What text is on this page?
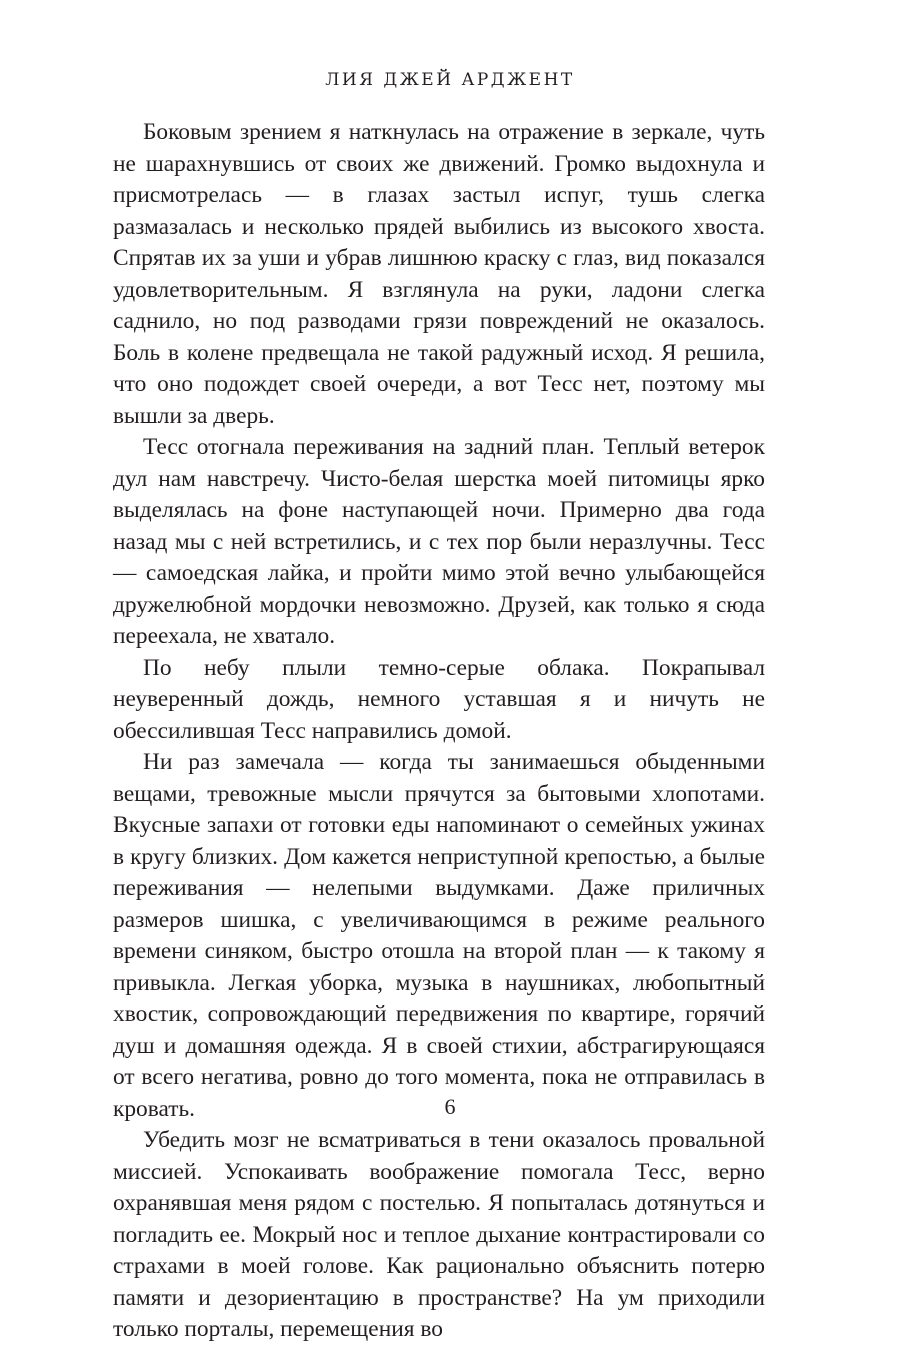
ЛИЯ ДЖЕЙ АРДЖЕНТ

Боковым зрением я наткнулась на отражение в зеркале, чуть не шарахнувшись от своих же движений. Громко выдохнула и присмотрелась — в глазах застыл испуг, тушь слегка размазалась и несколько прядей выбились из высокого хвоста. Спрятав их за уши и убрав лишнюю краску с глаз, вид показался удовлетворительным. Я взглянула на руки, ладони слегка саднило, но под разводами грязи повреждений не оказалось. Боль в колене предвещала не такой радужный исход. Я решила, что оно подождет своей очереди, а вот Тесс нет, поэтому мы вышли за дверь.

Тесс отогнала переживания на задний план. Теплый ветерок дул нам навстречу. Чисто-белая шерстка моей питомицы ярко выделялась на фоне наступающей ночи. Примерно два года назад мы с ней встретились, и с тех пор были неразлучны. Тесс — самоедская лайка, и пройти мимо этой вечно улыбающейся дружелюбной мордочки невозможно. Друзей, как только я сюда переехала, не хватало.

По небу плыли темно-серые облака. Покрапывал неуверенный дождь, немного уставшая я и ничуть не обессилившая Тесс направились домой.

Ни раз замечала — когда ты занимаешься обыденными вещами, тревожные мысли прячутся за бытовыми хлопотами. Вкусные запахи от готовки еды напоминают о семейных ужинах в кругу близких. Дом кажется неприступной крепостью, а былые переживания — нелепыми выдумками. Даже приличных размеров шишка, с увеличивающимся в режиме реального времени синяком, быстро отошла на второй план — к такому я привыкла. Легкая уборка, музыка в наушниках, любопытный хвостик, сопровождающий передвижения по квартире, горячий душ и домашняя одежда. Я в своей стихии, абстрагирующаяся от всего негатива, ровно до того момента, пока не отправилась в кровать.

Убедить мозг не всматриваться в тени оказалось провальной миссией. Успокаивать воображение помогала Тесс, верно охранявшая меня рядом с постелью. Я попыталась дотянуться и погладить ее. Мокрый нос и теплое дыхание контрастировали со страхами в моей голове. Как рационально объяснить потерю памяти и дезориентацию в пространстве? На ум приходили только порталы, перемещения во

6
